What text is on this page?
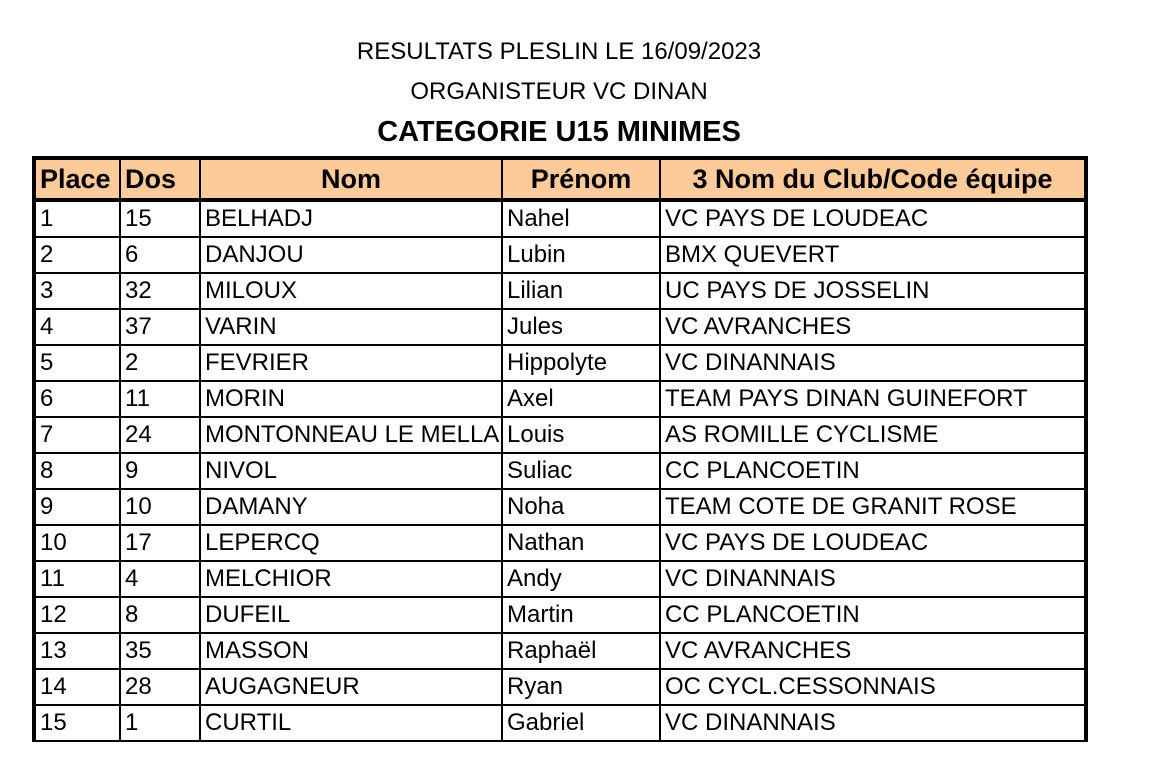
RESULTATS PLESLIN LE 16/09/2023
ORGANISTEUR VC DINAN
CATEGORIE U15 MINIMES
Place	Dos	Nom	Prénom	3 Nom du Club/Code équipe
1	15	BELHADJ	Nahel	VC PAYS DE LOUDEAC
2	6	DANJOU	Lubin	BMX QUEVERT
3	32	MILOUX	Lilian	UC PAYS DE JOSSELIN
4	37	VARIN	Jules	VC AVRANCHES
5	2	FEVRIER	Hippolyte	VC DINANNAIS
6	11	MORIN	Axel	TEAM PAYS DINAN GUINEFORT
7	24	MONTONNEAU LE MELLA	Louis	AS ROMILLE CYCLISME
8	9	NIVOL	Suliac	CC PLANCOETIN
9	10	DAMANY	Noha	TEAM COTE DE GRANIT ROSE
10	17	LEPERCQ	Nathan	VC PAYS DE LOUDEAC
11	4	MELCHIOR	Andy	VC DINANNAIS
12	8	DUFEIL	Martin	CC PLANCOETIN
13	35	MASSON	Raphaël	VC AVRANCHES
14	28	AUGAGNEUR	Ryan	OC CYCL.CESSONNAIS
15	1	CURTIL	Gabriel	VC DINANNAIS
